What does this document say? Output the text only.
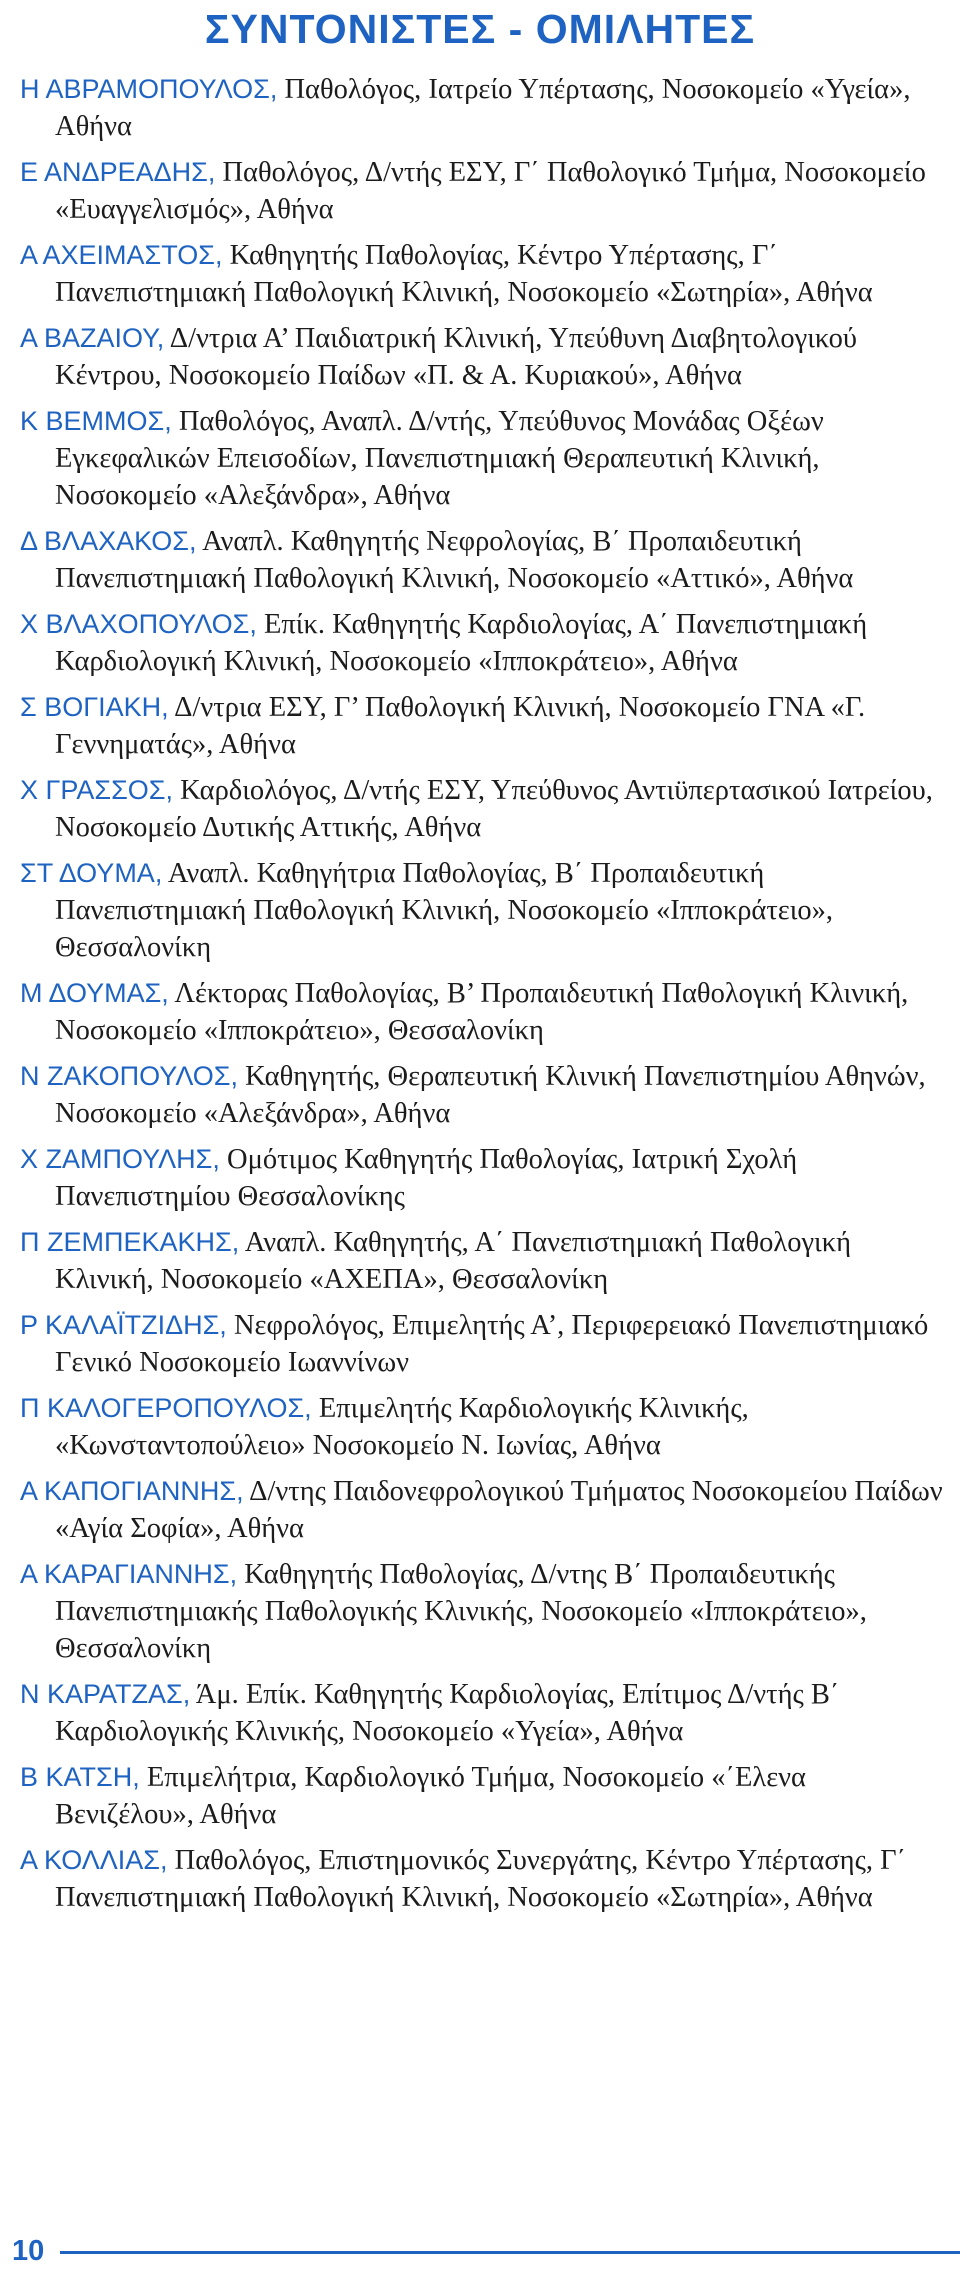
ΣΥΝΤΟΝΙΣΤΕΣ - ΟΜΙΛΗΤΕΣ

Η ΑΒΡΑΜΟΠΟΥΛΟΣ, Παθολόγος, Ιατρείο Υπέρτασης, Νοσοκομείο «Υγεία», Αθήνα

Ε ΑΝΔΡΕΑΔΗΣ, Παθολόγος, Δ/ντής ΕΣΥ, Γ΄ Παθολογικό Τμήμα, Νοσοκομείο «Ευαγγελισμός», Αθήνα

Α ΑΧΕΙΜΑΣΤΟΣ, Καθηγητής Παθολογίας, Κέντρο Υπέρτασης, Γ΄ Πανεπιστημιακή Παθολογική Κλινική, Νοσοκομείο «Σωτηρία», Αθήνα

Α ΒΑΖΑΙΟΥ, Δ/ντρια Α’ Παιδιατρική Κλινική, Υπεύθυνη Διαβητολογικού Κέντρου, Νοσοκομείο Παίδων «Π. & Α. Κυριακού», Αθήνα

Κ ΒΕΜΜΟΣ, Παθολόγος, Αναπλ. Δ/ντής, Υπεύθυνος Μονάδας Οξέων Εγκεφαλικών Επεισοδίων, Πανεπιστημιακή Θεραπευτική Κλινική, Νοσοκομείο «Αλεξάνδρα», Αθήνα

Δ ΒΛΑΧΑΚΟΣ, Αναπλ. Καθηγητής Νεφρολογίας, Β΄ Προπαιδευτική Πανεπιστημιακή Παθολογική Κλινική, Νοσοκομείο «Αττικό», Αθήνα

Χ ΒΛΑΧΟΠΟΥΛΟΣ, Επίκ. Καθηγητής Καρδιολογίας, Α΄ Πανεπιστημιακή Καρδιολογική Κλινική, Νοσοκομείο «Ιπποκράτειο», Αθήνα

Σ ΒΟΓΙΑΚΗ, Δ/ντρια ΕΣΥ, Γ’ Παθολογική Κλινική, Νοσοκομείο ΓΝΑ «Γ. Γεννηματάς», Αθήνα

Χ ΓΡΑΣΣΟΣ, Καρδιολόγος, Δ/ντής ΕΣΥ, Υπεύθυνος Αντιϋπερτασικού Ιατρείου, Νοσοκομείο Δυτικής Αττικής, Αθήνα

ΣΤ ΔΟΥΜΑ, Αναπλ. Καθηγήτρια Παθολογίας, Β΄ Προπαιδευτική Πανεπιστημιακή Παθολογική Κλινική, Νοσοκομείο «Ιπποκράτειο», Θεσσαλονίκη

Μ ΔΟΥΜΑΣ, Λέκτορας Παθολογίας, Β’ Προπαιδευτική Παθολογική Κλινική, Νοσοκομείο «Ιπποκράτειο», Θεσσαλονίκη

Ν ΖΑΚΟΠΟΥΛΟΣ, Καθηγητής, Θεραπευτική Κλινική Πανεπιστημίου Αθηνών, Νοσοκομείο «Αλεξάνδρα», Αθήνα

Χ ΖΑΜΠΟΥΛΗΣ, Ομότιμος Καθηγητής Παθολογίας, Ιατρική Σχολή Πανεπιστημίου Θεσσαλονίκης

Π ΖΕΜΠΕΚΑΚΗΣ, Αναπλ. Καθηγητής, Α΄ Πανεπιστημιακή Παθολογική Κλινική, Νοσοκομείο «ΑΧΕΠΑ», Θεσσαλονίκη

Ρ ΚΑΛΑΪΤΖΙΔΗΣ, Νεφρολόγος, Επιμελητής Α’, Περιφερειακό Πανεπιστημιακό Γενικό Νοσοκομείο Ιωαννίνων

Π ΚΑΛΟΓΕΡΟΠΟΥΛΟΣ, Επιμελητής Καρδιολογικής Κλινικής, «Κωνσταντοπούλειο» Νοσοκομείο Ν. Ιωνίας, Αθήνα

Α ΚΑΠΟΓΙΑΝΝΗΣ, Δ/ντης Παιδονεφρολογικού Τμήματος Νοσοκομείου Παίδων «Αγία Σοφία», Αθήνα

Α ΚΑΡΑΓΙΑΝΝΗΣ, Καθηγητής Παθολογίας, Δ/ντης Β΄ Προπαιδευτικής Πανεπιστημιακής Παθολογικής Κλινικής, Νοσοκομείο «Ιπποκράτειο», Θεσσαλονίκη

Ν ΚΑΡΑΤΖΑΣ, Άμ. Επίκ. Καθηγητής Καρδιολογίας, Επίτιμος Δ/ντής Β΄ Καρδιολογικής Κλινικής, Νοσοκομείο «Υγεία», Αθήνα

Β ΚΑΤΣΗ, Επιμελήτρια, Καρδιολογικό Τμήμα, Νοσοκομείο «΄Ελενα Βενιζέλου», Αθήνα

Α ΚΟΛΛΙΑΣ, Παθολόγος, Επιστημονικός Συνεργάτης, Κέντρο Υπέρτασης, Γ΄ Πανεπιστημιακή Παθολογική Κλινική, Νοσοκομείο «Σωτηρία», Αθήνα

10
